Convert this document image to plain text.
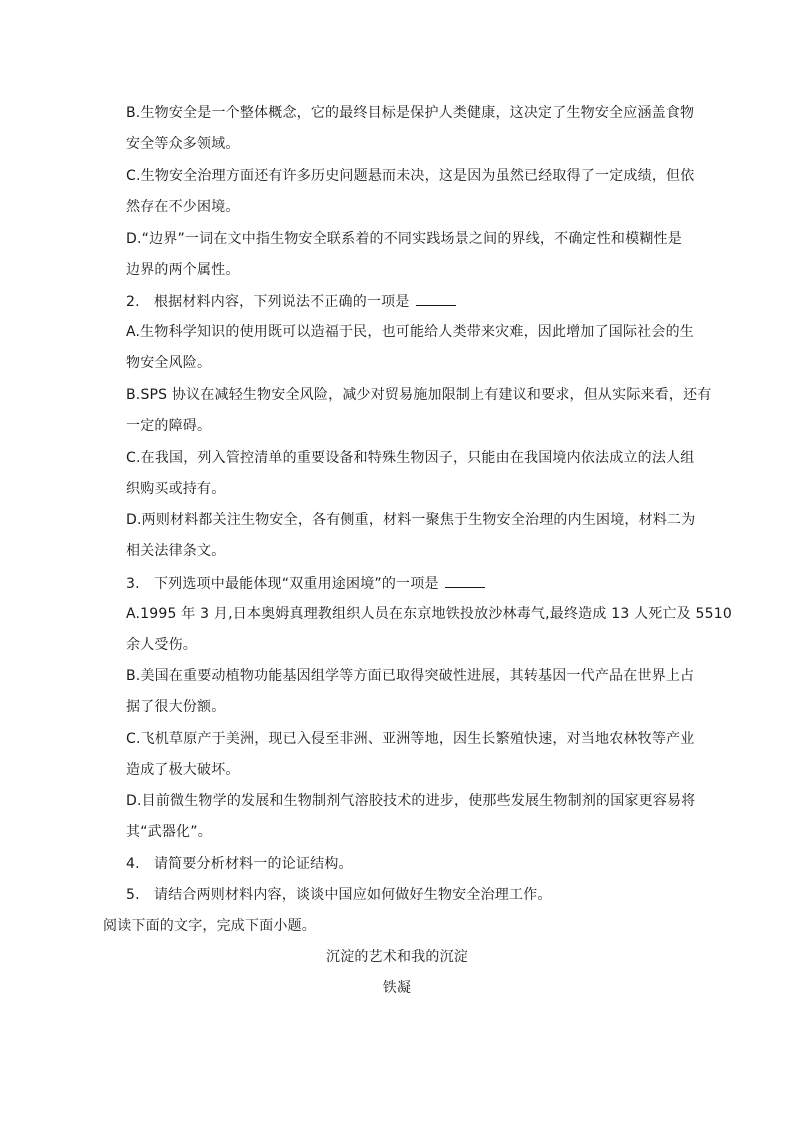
B.生物安全是一个整体概念，它的最终目标是保护人类健康，这决定了生物安全应涵盖食物
安全等众多领域。
C.生物安全治理方面还有许多历史问题悬而未决，这是因为虽然已经取得了一定成绩，但依
然存在不少困境。
D.“边界”一词在文中指生物安全联系着的不同实践场景之间的界线，不确定性和模糊性是
边界的两个属性。
2.　根据材料内容，下列说法不正确的一项是
A.生物科学知识的使用既可以造福于民，也可能给人类带来灾难，因此增加了国际社会的生
物安全风险。
B.SPS 协议在减轻生物安全风险，减少对贸易施加限制上有建议和要求，但从实际来看，还有
一定的障碍。
C.在我国，列入管控清单的重要设备和特殊生物因子，只能由在我国境内依法成立的法人组
织购买或持有。
D.两则材料都关注生物安全，各有侧重，材料一聚焦于生物安全治理的内生困境，材料二为
相关法律条文。
3.　下列选项中最能体现“双重用途困境”的一项是
A.1995 年 3 月,日本奥姆真理教组织人员在东京地铁投放沙林毒气,最终造成 13 人死亡及 5510
余人受伤。
B.美国在重要动植物功能基因组学等方面已取得突破性进展，其转基因一代产品在世界上占
据了很大份额。
C.飞机草原产于美洲，现已入侵至非洲、亚洲等地，因生长繁殖快速，对当地农林牧等产业
造成了极大破坏。
D.目前微生物学的发展和生物制剂气溶胶技术的进步，使那些发展生物制剂的国家更容易将
其“武器化”。
4.　请简要分析材料一的论证结构。
5.　请结合两则材料内容，谈谈中国应如何做好生物安全治理工作。
阅读下面的文字，完成下面小题。
沉淀的艺术和我的沉淀
铁凝
